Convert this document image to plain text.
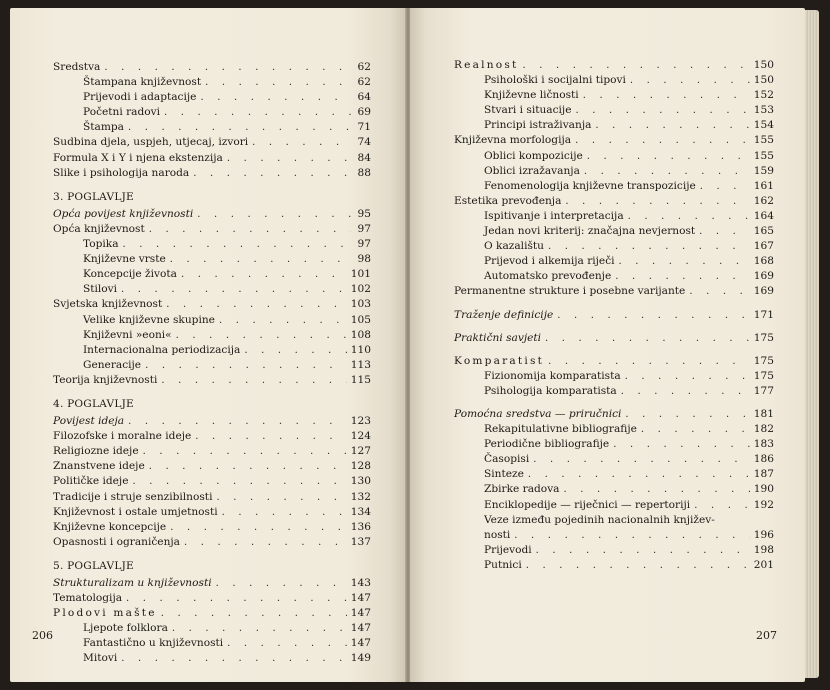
Sredstva . . .	62
Štampana književnost . . .	62
Prijevodi i adaptacije . . .	64
Početni radovi . . .	69
Štampa . . .	71
Sudbina djela, uspjeh, utjecaj, izvori . . .	74
Formula X i Y i njena ekstenzija . . .	84
Slike i psihologija naroda . . .	88
3. POGLAVLJE
Opća povijest književnosti . . .	95
Opća književnost . . .	97
Topika . . .	97
Književne vrste . . .	98
Koncepcije života . . .	101
Stilovi . . .	102
Svjetska književnost . . .	103
Velike književne skupine . . .	105
Književni »eoni« . . .	108
Internacionalna periodizacija . . .	110
Generacije . . .	113
Teorija književnosti . . .	115
4. POGLAVLJE
Povijest ideja . . .	123
Filozofske i moralne ideje . . .	124
Religiozne ideje . . .	127
Znanstvene ideje . . .	128
Političke ideje . . .	130
Tradicije i struje senzibilnosti . . .	132
Književnost i ostale umjetnosti . . .	134
Književne koncepcije . . .	136
Opasnosti i ograničenja . . .	137
5. POGLAVLJE
Strukturalizam u književnosti . . .	143
Tematologija . . .	147
Plodovi mašte . . .	147
Ljepote folklora . . .	147
Fantastično u književnosti . . .	147
Mitovi . . .	149
206
Realnost . . .	150
Psihološki i socijalni tipovi . . .	150
Književne ličnosti . . .	152
Stvari i situacije . . .	153
Principi istraživanja . . .	154
Književna morfologija . . .	155
Oblici kompozicije . . .	155
Oblici izražavanja . . .	159
Fenomenologija književne transpozicije . . .	161
Estetika prevođenja . . .	162
Ispitivanje i interpretacija . . .	164
Jedan novi kriterij: značajna nevjernost . . .	165
O kazalištu . . .	167
Prijevod i alkemija riječi . . .	168
Automatsko prevođenje . . .	169
Permanentne strukture i posebne varijante . . .	169
Traženje definicije . . .	171
Praktični savjeti . . .	175
Komparatist . . .	175
Fizionomija komparatista . . .	175
Psihologija komparatista . . .	177
Pomoćna sredstva — priručnici . . .	181
Rekapitulativne bibliografije . . .	182
Periodične bibliografije . . .	183
Časopisi . . .	186
Sinteze . . .	187
Zbirke radova . . .	190
Enciklopedije — riječnici — repertoriji . . .	192
Veze između pojedinih nacionalnih književ-
nosti . . .	196
Prijevodi . . .	198
Putnici . . .	201
207
